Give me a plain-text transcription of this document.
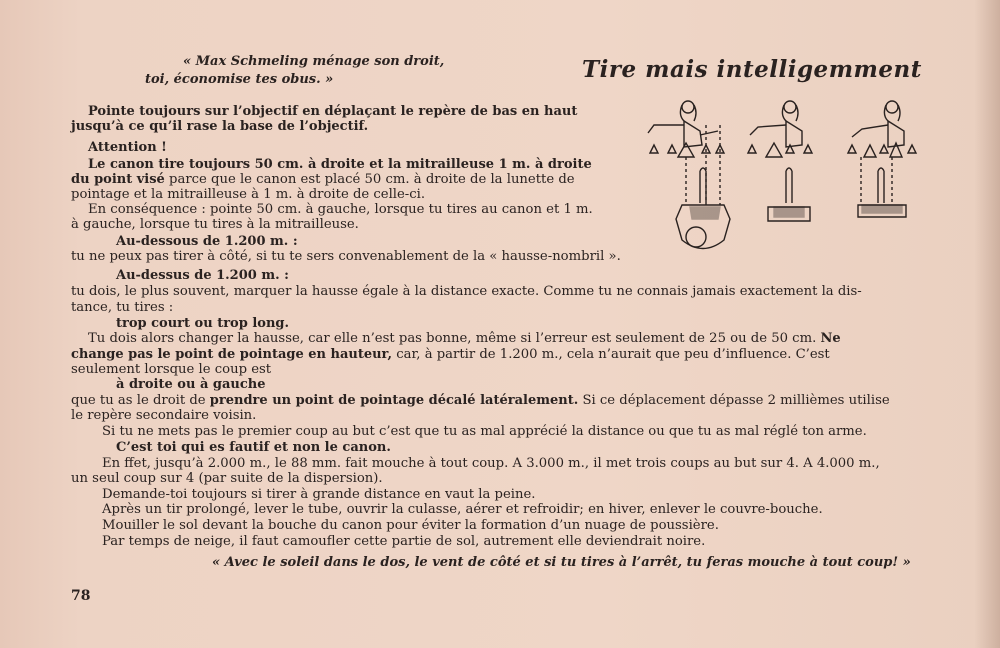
« Max Schmeling ménage son droit,
toi, économise tes obus. »	Tire mais intelligemment
Pointe toujours sur l’objectif en déplaçant le repère de bas en haut
jusqu’à ce qu’il rase la base de l’objectif.
Attention !
Le canon tire toujours 50 cm. à droite et la mitrailleuse 1 m. à droite
du point visé parce que le canon est placé 50 cm. à droite de la lunette de
pointage et la mitrailleuse à 1 m. à droite de celle-ci.
En conséquence : pointe 50 cm. à gauche, lorsque tu tires au canon et 1 m.
à gauche, lorsque tu tires à la mitrailleuse.
Au-dessous de 1.200 m. :
tu ne peux pas tirer à côté, si tu te sers convenablement de la « hausse-nombril ».
Au-dessus de 1.200 m. :
tu dois, le plus souvent, marquer la hausse égale à la distance exacte. Comme tu ne connais jamais exactement la dis-
tance, tu tires :
trop court ou trop long.
Tu dois alors changer la hausse, car elle n’est pas bonne, même si l’erreur est seulement de 25 ou de 50 cm. Ne
change pas le point de pointage en hauteur, car, à partir de 1.200 m., cela n’aurait que peu d’influence. C’est
seulement lorsque le coup est
à droite ou à gauche
que tu as le droit de prendre un point de pointage décalé latéralement. Si ce déplacement dépasse 2 millièmes utilise
le repère secondaire voisin.
Si tu ne mets pas le premier coup au but c’est que tu as mal apprécié la distance ou que tu as mal réglé ton arme.
C’est toi qui es fautif et non le canon.
En ffet, jusqu’à 2.000 m., le 88 mm. fait mouche à tout coup. A 3.000 m., il met trois coups au but sur 4. A 4.000 m.,
un seul coup sur 4 (par suite de la dispersion).
Demande-toi toujours si tirer à grande distance en vaut la peine.
Après un tir prolongé, lever le tube, ouvrir la culasse, aérer et refroidir; en hiver, enlever le couvre-bouche.
Mouiller le sol devant la bouche du canon pour éviter la formation d’un nuage de poussière.
Par temps de neige, il faut camoufler cette partie de sol, autrement elle deviendrait noire.
« Avec le soleil dans le dos, le vent de côté et si tu tires à l’arrêt, tu feras mouche à tout coup! »
78
